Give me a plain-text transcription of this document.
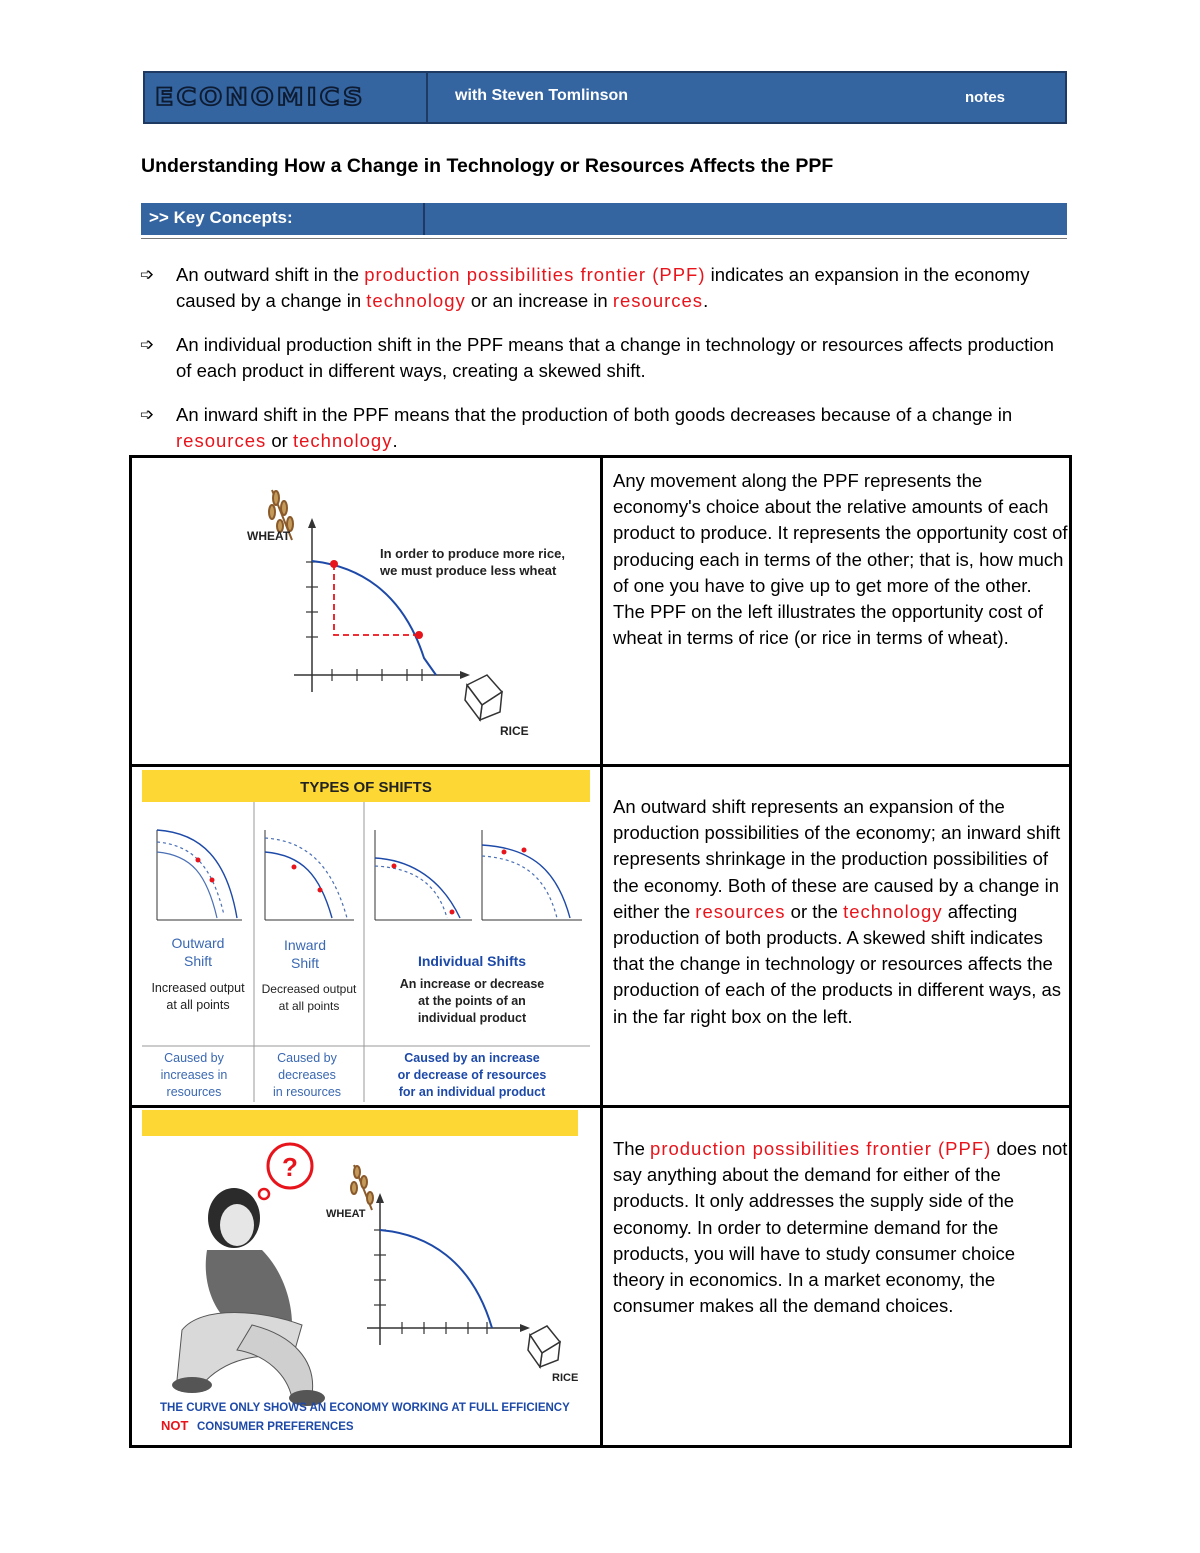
ECONOMICS	with Steven Tomlinson	notes
Understanding How a Change in Technology or Resources Affects the PPF
>> Key Concepts:
➩ An outward shift in the production possibilities frontier (PPF) indicates an expansion in the economy caused by a change in technology or an increase in resources.
➩ An individual production shift in the PPF means that a change in technology or resources affects production of each product in different ways, creating a skewed shift.
➩ An inward shift in the PPF means that the production of both goods decreases because of a change in resources or technology.
WHEAT
In order to produce more rice,
we must produce less wheat
RICE

Any movement along the PPF represents the economy's choice about the relative amounts of each product to produce. It represents the opportunity cost of producing each in terms of the other; that is, how much of one you have to give up to get more of the other.
The PPF on the left illustrates the opportunity cost of wheat in terms of rice (or rice in terms of wheat).

TYPES OF SHIFTS
Outward
Shift
Increased output
at all points
Caused by
increases in
resources
Inward
Shift
Decreased output
at all points
Caused by
decreases
in resources
Individual Shifts
An increase or decrease
at the points of an
individual product
Caused by an increase
or decrease of resources
for an individual product

An outward shift represents an expansion of the production possibilities of the economy; an inward shift represents shrinkage in the production possibilities of the economy. Both of these are caused by a change in either the resources or the technology affecting production of both products. A skewed shift indicates that the change in technology or resources affects the production of each of the products in different ways, as in the far right box on the left.

?
WHEAT
RICE
THE CURVE ONLY SHOWS AN ECONOMY WORKING AT FULL EFFICIENCY
NOT CONSUMER PREFERENCES

The production possibilities frontier (PPF) does not say anything about the demand for either of the products. It only addresses the supply side of the economy. In order to determine demand for the products, you will have to study consumer choice theory in economics. In a market economy, the consumer makes all the demand choices.
